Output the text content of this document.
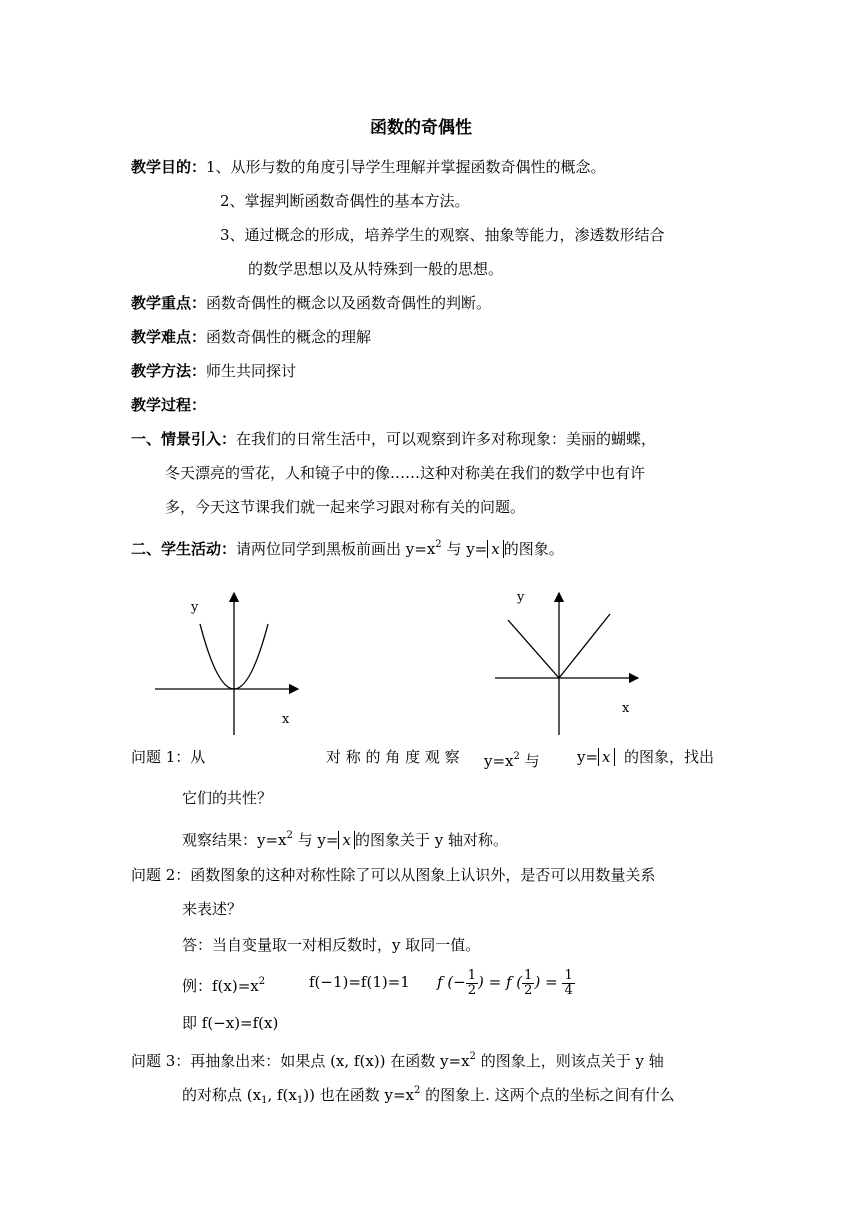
函数的奇偶性
教学目的：1、从形与数的角度引导学生理解并掌握函数奇偶性的概念。
2、掌握判断函数奇偶性的基本方法。
3、通过概念的形成，培养学生的观察、抽象等能力，渗透数形结合
的数学思想以及从特殊到一般的思想。
教学重点：函数奇偶性的概念以及函数奇偶性的判断。
教学难点：函数奇偶性的概念的理解
教学方法：师生共同探讨
教学过程：
一、情景引入：在我们的日常生活中，可以观察到许多对称现象：美丽的蝴蝶，
冬天漂亮的雪花，人和镜子中的像……这种对称美在我们的数学中也有许
多，今天这节课我们就一起来学习跟对称有关的问题。
二、学生活动：请两位同学到黑板前画出 $y=x^2$ 与 y= x 的图象。
y
x
y
x
问题 1：从	对 称 的 角 度 观 察 $y=x^2$ 与 y= x 的图象，找出
它们的共性？
观察结果：$y=x^2$ 与 y= x 的图象关于 y 轴对称。
问题 2：函数图象的这种对称性除了可以从图象上认识外，是否可以用数量关系
来表述？
答：当自变量取一对相反数时，y 取同一值。
例：$f(x)=x^2$	f(−1)=f(1)=1 f (− $\frac{1}{2}$ ) = f ( $\frac{1}{2}$ ) = $\frac{1}{4}$
即 f(−x)=f(x)
问题 3：再抽象出来：如果点 (x, f(x)) 在函数 $y=x^2$ 的图象上，则该点关于 y 轴
的对称点 ($x_1$, $f(x_1)$) 也在函数 $y=x^2$ 的图象上. 这两个点的坐标之间有什么
